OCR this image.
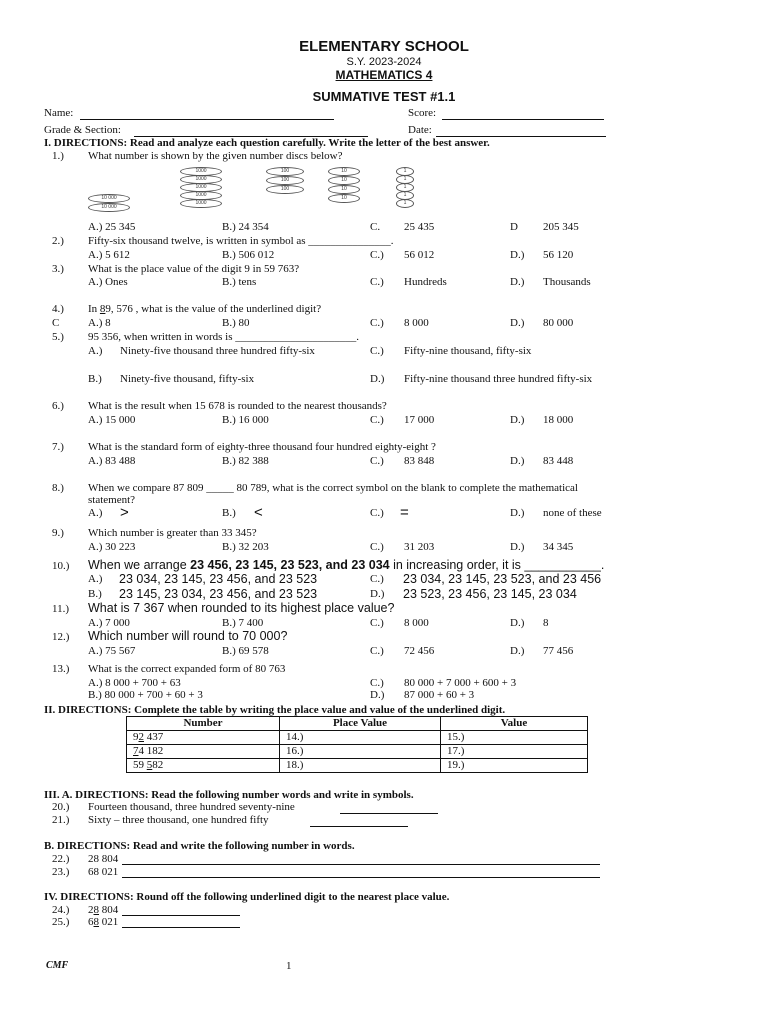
ELEMENTARY SCHOOL
S.Y. 2023-2024
MATHEMATICS 4
SUMMATIVE TEST #1.1
Name:	Score:
Grade & Section:	Date:
I. DIRECTIONS: Read and analyze each question carefully. Write the letter of the best answer.
1.) What number is shown by the given number discs below?
10 000
10 000
1000
1000
1000
1000
1000
100
100
100
10
10
10
10
1
1
1
1
1
A.) 25 345	B.) 24 354	C. 25 435	D 205 345
2.) Fifty-six thousand twelve, is written in symbol as _______________.
A.) 5 612	B.) 506 012	C.) 56 012	D.) 56 120
3.) What is the place value of the digit 9 in 59 763?
A.) Ones	B.) tens	C.) Hundreds	D.) Thousands
4.) In 89, 576 , what is the value of the underlined digit?
C	A.) 8	B.) 80	C.) 8 000	D.) 80 000
5.) 95 356, when written in words is ______________________.
A.) Ninety-five thousand three hundred fifty-six	C.) Fifty-nine thousand, fifty-six
B.) Ninety-five thousand, fifty-six	D.) Fifty-nine thousand three hundred fifty-six
6.) What is the result when 15 678 is rounded to the nearest thousands?
A.) 15 000	B.) 16 000	C.) 17 000	D.) 18 000
7.) What is the standard form of eighty-three thousand four hundred eighty-eight ?
A.) 83 488	B.) 82 388	C.) 83 848	D.) 83 448
8.) When we compare 87 809 _____ 80 789, what is the correct symbol on the blank to complete the mathematical
statement?
A.) >	B.) <	C.) =	D.) none of these
9.) Which number is greater than 33 345?
A.) 30 223	B.) 32 203	C.) 31 203	D.) 34 345
10.) When we arrange 23 456, 23 145, 23 523, and 23 034 in increasing order, it is ___________.
A.) 23 034, 23 145, 23 456, and 23 523	C.) 23 034, 23 145, 23 523, and 23 456
B.) 23 145, 23 034, 23 456, and 23 523	D.) 23 523, 23 456, 23 145, 23 034
11.) What is 7 367 when rounded to its highest place value?
A.) 7 000	B.) 7 400	C.) 8 000	D.) 8
12.) Which number will round to 70 000?
A.) 75 567	B.) 69 578	C.) 72 456	D.) 77 456
13.) What is the correct expanded form of 80 763
A.) 8 000 + 700 + 63	C.) 80 000 + 7 000 + 600 + 3
B.) 80 000 + 700 + 60 + 3	D.) 87 000 + 60 + 3
II. DIRECTIONS: Complete the table by writing the place value and value of the underlined digit.
Number	Place Value	Value
92 437	14.)	15.)
74 182	16.)	17.)
59 582	18.)	19.)
III. A. DIRECTIONS: Read the following number words and write in symbols.
20.) Fourteen thousand, three hundred seventy-nine
21.) Sixty – three thousand, one hundred fifty
B. DIRECTIONS: Read and write the following number in words.
22.) 28 804
23.) 68 021
IV. DIRECTIONS: Round off the following underlined digit to the nearest place value.
24.) 28 804
25.) 68 021
CMF	1
